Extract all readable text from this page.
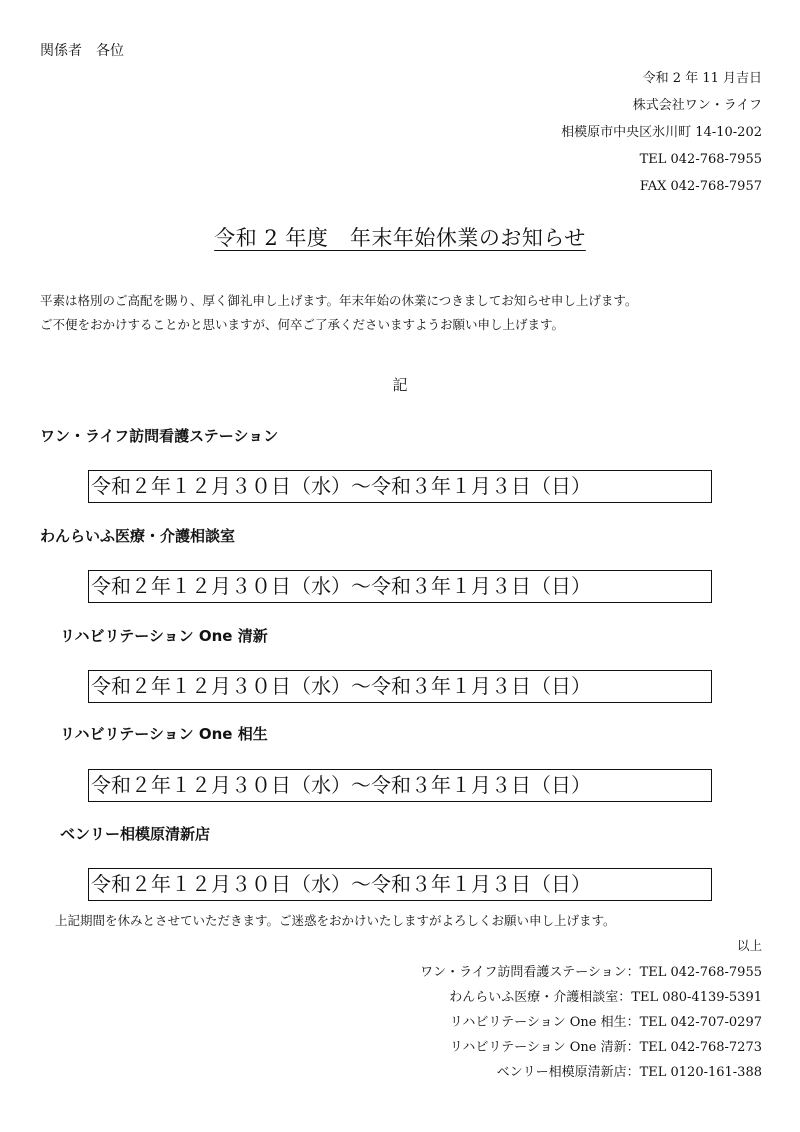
関係者　各位
令和 2 年 11 月吉日
株式会社ワン・ライフ
相模原市中央区氷川町 14-10-202
TEL 042-768-7955
FAX 042-768-7957
令和 2 年度　年末年始休業のお知らせ
平素は格別のご高配を賜り、厚く御礼申し上げます。年末年始の休業につきましてお知らせ申し上げます。
ご不便をおかけすることかと思いますが、何卒ご了承くださいますようお願い申し上げます。
記
ワン・ライフ訪問看護ステーション
令和２年１２月３０日（水）～令和３年１月３日（日）
わんらいふ医療・介護相談室
令和２年１２月３０日（水）～令和３年１月３日（日）
リハビリテーション One 清新
令和２年１２月３０日（水）～令和３年１月３日（日）
リハビリテーション One 相生
令和２年１２月３０日（水）～令和３年１月３日（日）
ベンリー相模原清新店
令和２年１２月３０日（水）～令和３年１月３日（日）
上記期間を休みとさせていただきます。ご迷惑をおかけいたしますがよろしくお願い申し上げます。
以上
ワン・ライフ訪問看護ステーション：TEL 042-768-7955
わんらいふ医療・介護相談室：TEL 080-4139-5391
リハビリテーション One 相生：TEL 042-707-0297
リハビリテーション One 清新：TEL 042-768-7273
ベンリー相模原清新店：TEL 0120-161-388
